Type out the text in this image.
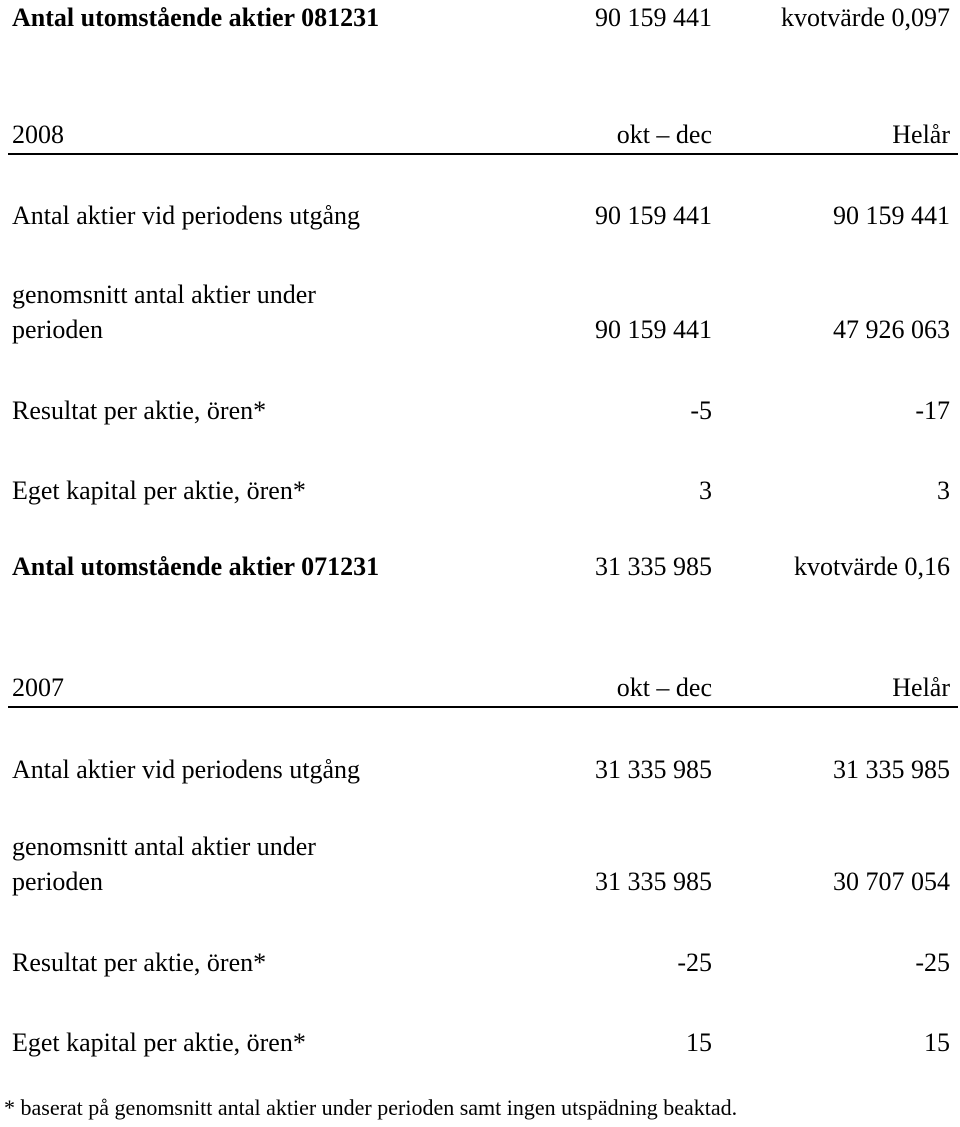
Antal utomstående aktier 081231	90 159 441	kvotvärde 0,097
2008	okt – dec	Helår
Antal aktier vid periodens utgång	90 159 441	90 159 441
genomsnitt antal aktier under
perioden	90 159 441	47 926 063
Resultat per aktie, ören*	-5	-17
Eget kapital per aktie, ören*	3	3
Antal utomstående aktier 071231	31 335 985	kvotvärde 0,16
2007	okt – dec	Helår
Antal aktier vid periodens utgång	31 335 985	31 335 985
genomsnitt antal aktier under
perioden	31 335 985	30 707 054
Resultat per aktie, ören*	-25	-25
Eget kapital per aktie, ören*	15	15
* baserat på genomsnitt antal aktier under perioden samt ingen utspädning beaktad.
